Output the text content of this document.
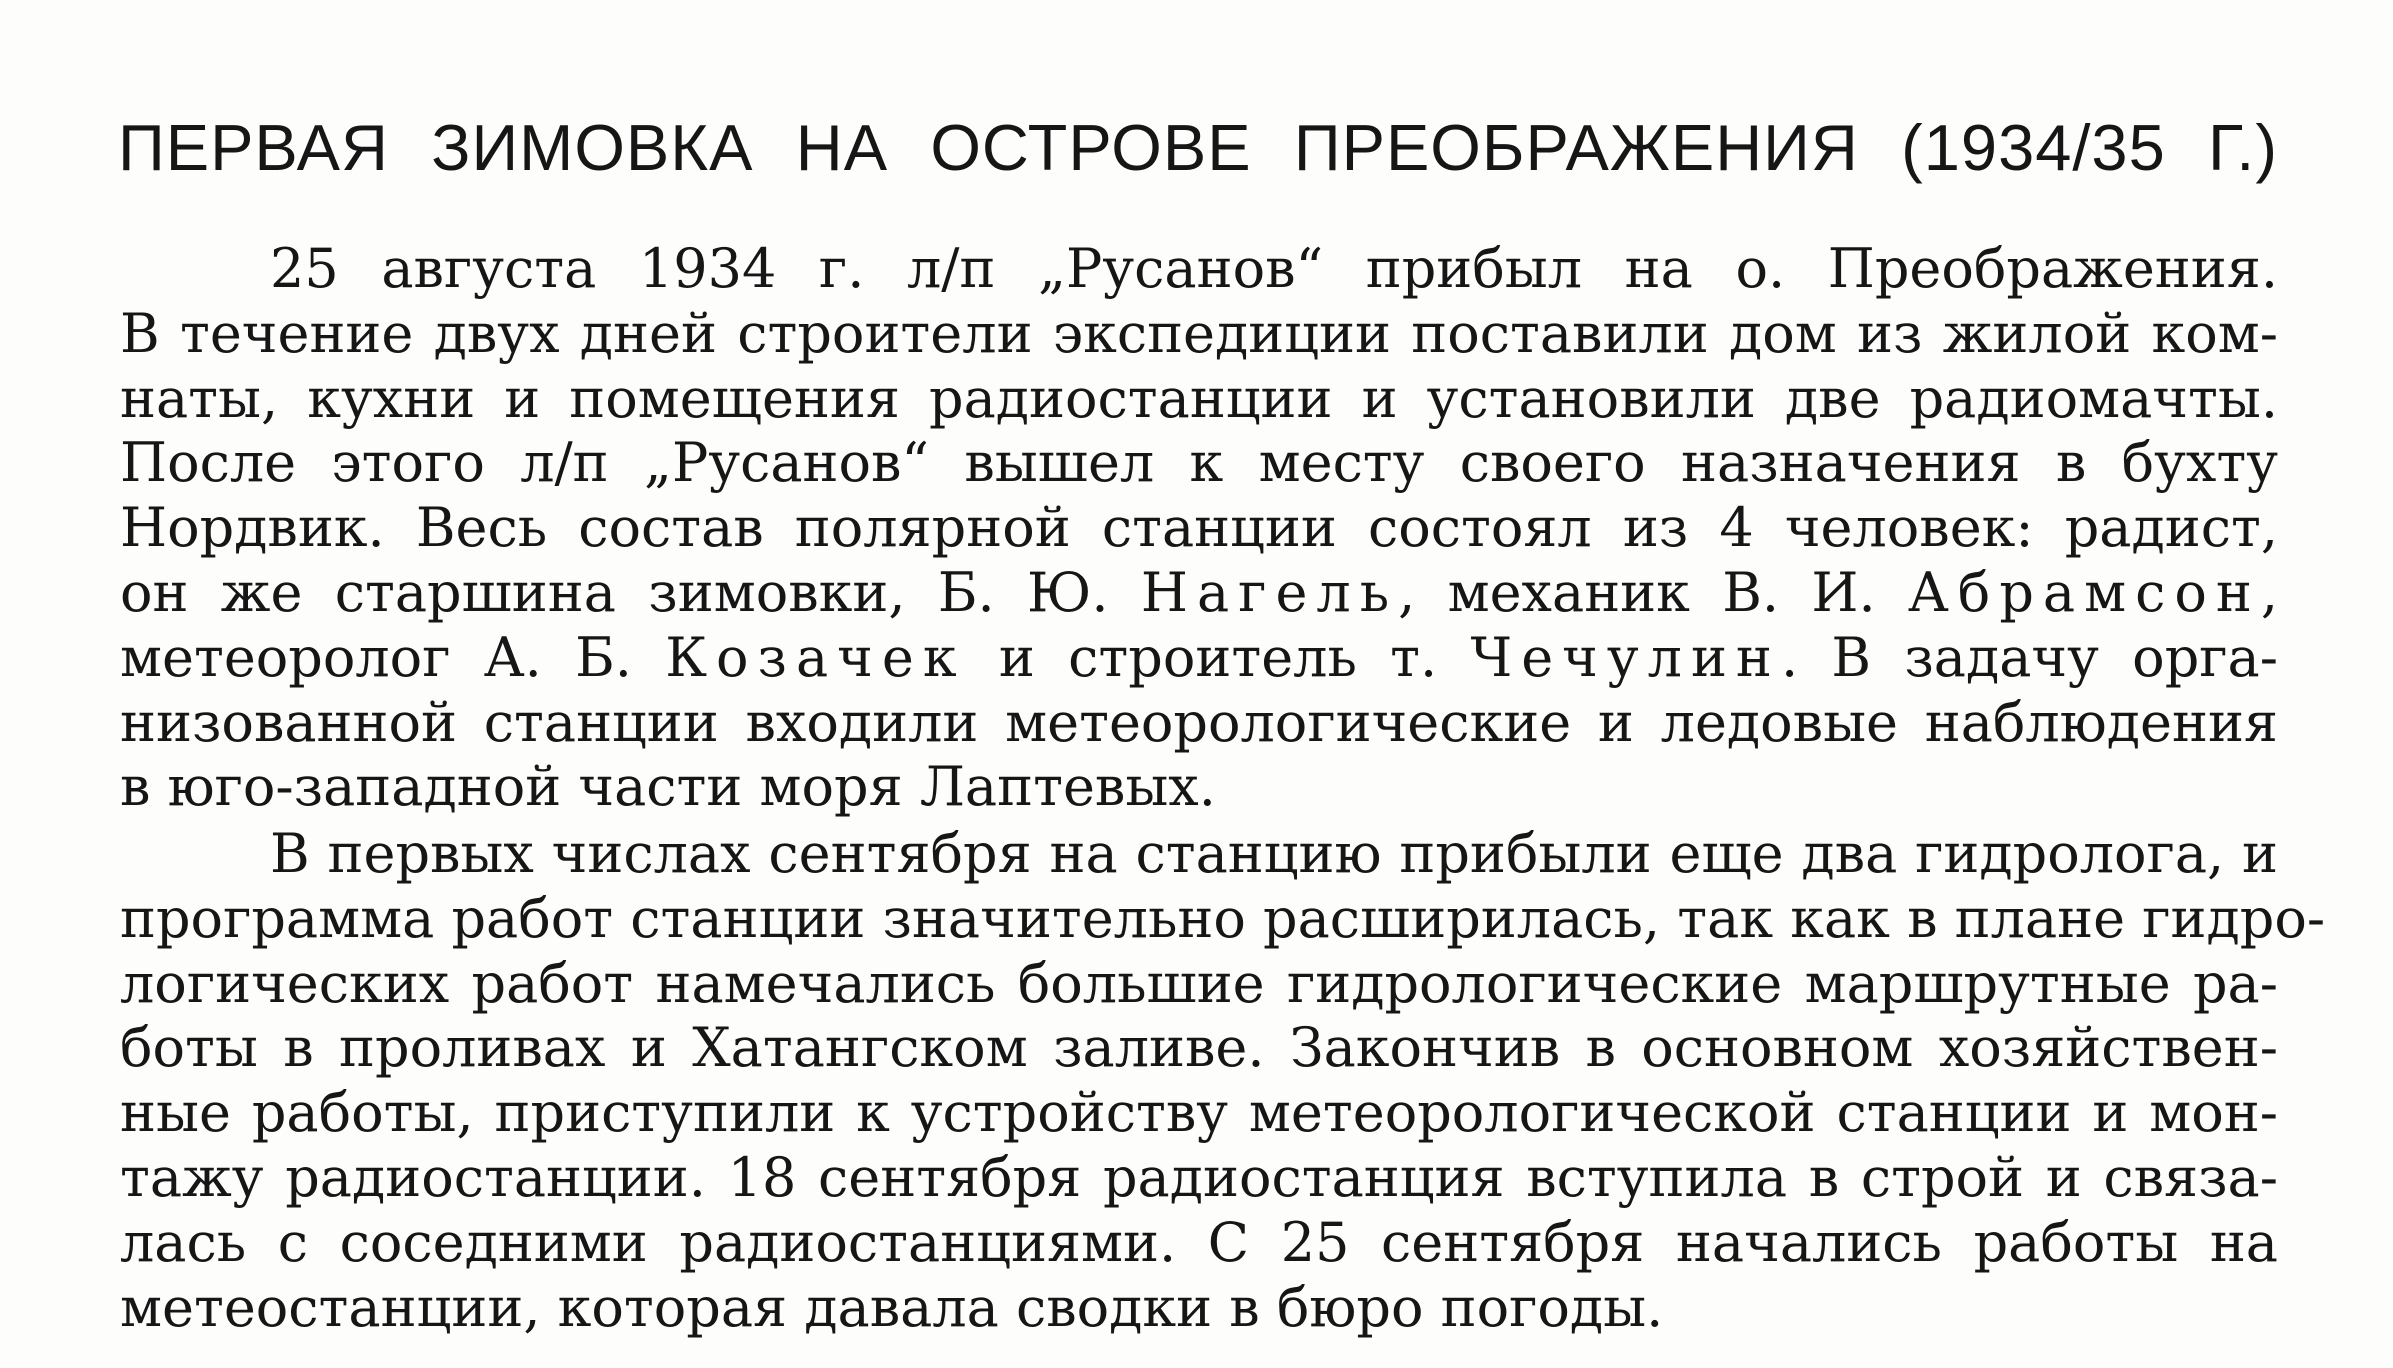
ПЕРВАЯ ЗИМОВКА НА ОСТРОВЕ ПРЕОБРАЖЕНИЯ (1934/35 Г.)
25 августа 1934 г. л/п „Русанов“ прибыл на о. Преображения.
В течение двух дней строители экспедиции поставили дом из жилой ком-
наты, кухни и помещения радиостанции и установили две радиомачты.
После этого л/п „Русанов“ вышел к месту своего назначения в бухту
Нордвик. Весь состав полярной станции состоял из 4 человек: радист,
он же старшина зимовки, Б. Ю. Нагель, механик В. И. Абрамсон,
метеоролог А. Б. Козачек и строитель т. Чечулин. В задачу орга-
низованной станции входили метеорологические и ледовые наблюдения
в юго-западной части моря Лаптевых.
В первых числах сентября на станцию прибыли еще два гидролога, и
программа работ станции значительно расширилась, так как в плане гидро-
логических работ намечались большие гидрологические маршрутные ра-
боты в проливах и Хатангском заливе. Закончив в основном хозяйствен-
ные работы, приступили к устройству метеорологической станции и мон-
тажу радиостанции. 18 сентября радиостанция вступила в строй и связа-
лась с соседними радиостанциями. С 25 сентября начались работы на
метеостанции, которая давала сводки в бюро погоды.
